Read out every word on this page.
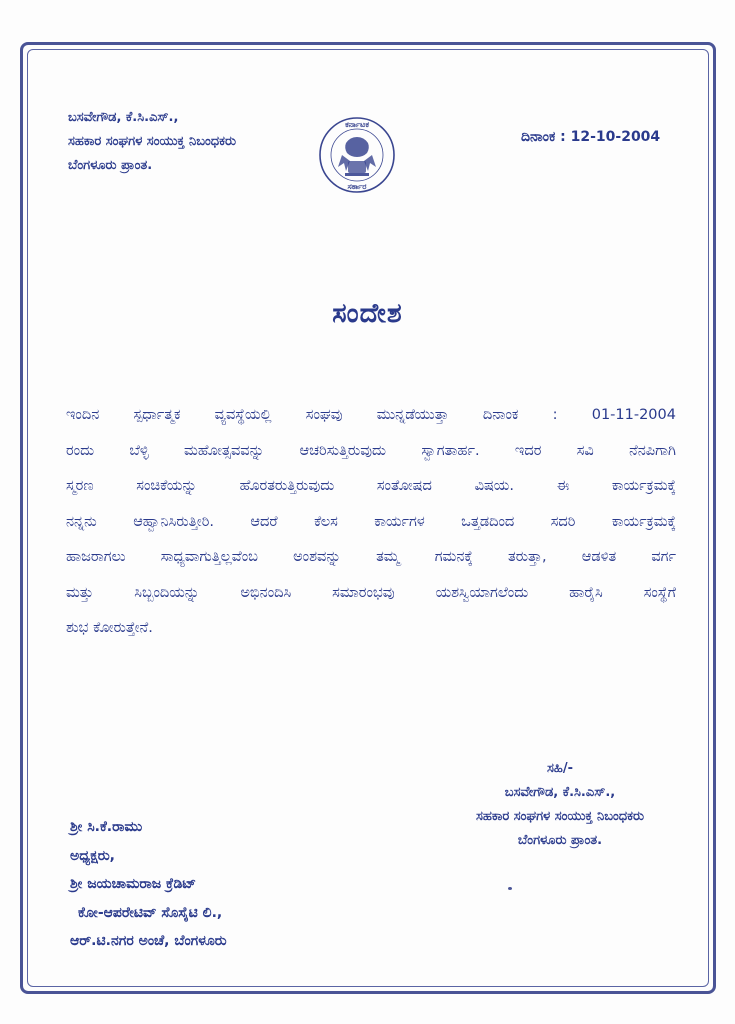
ಬಸವೇಗೌಡ, ಕೆ.ಸಿ.ಎಸ್.,
ಸಹಕಾರ ಸಂಘಗಳ ಸಂಯುಕ್ತ ನಿಬಂಧಕರು
ಬೆಂಗಳೂರು ಪ್ರಾಂತ.
ಕರ್ನಾಟಕ
ಸರ್ಕಾರ
ದಿನಾಂಕ : 12-10-2004
ಸಂದೇಶ
ಇಂದಿನ ಸ್ಪರ್ಧಾತ್ಮಕ ವ್ಯವಸ್ಥೆಯಲ್ಲಿ ಸಂಘವು ಮುನ್ನಡೆಯುತ್ತಾ ದಿನಾಂಕ : 01-11-2004
ರಂದು ಬೆಳ್ಳಿ ಮಹೋತ್ಸವವನ್ನು ಆಚರಿಸುತ್ತಿರುವುದು ಸ್ವಾಗತಾರ್ಹ. ಇದರ ಸವಿ ನೆನಪಿಗಾಗಿ
ಸ್ಮರಣ ಸಂಚಿಕೆಯನ್ನು ಹೊರತರುತ್ತಿರುವುದು ಸಂತೋಷದ ವಿಷಯ. ಈ ಕಾರ್ಯಕ್ರಮಕ್ಕೆ
ನನ್ನನು ಆಹ್ವಾನಿಸಿರುತ್ತೀರಿ. ಆದರೆ ಕೆಲಸ ಕಾರ್ಯಗಳ ಒತ್ತಡದಿಂದ ಸದರಿ ಕಾರ್ಯಕ್ರಮಕ್ಕೆ
ಹಾಜರಾಗಲು ಸಾಧ್ಯವಾಗುತ್ತಿಲ್ಲವೆಂಬ ಅಂಶವನ್ನು ತಮ್ಮ ಗಮನಕ್ಕೆ ತರುತ್ತಾ, ಆಡಳಿತ ವರ್ಗ
ಮತ್ತು ಸಿಬ್ಬಂದಿಯನ್ನು ಅಭಿನಂದಿಸಿ ಸಮಾರಂಭವು ಯಶಸ್ವಿಯಾಗಲೆಂದು ಹಾರೈಸಿ ಸಂಸ್ಥೆಗೆ
ಶುಭ ಕೋರುತ್ತೇನೆ.
ಸಹಿ/-
ಬಸವೇಗೌಡ, ಕೆ.ಸಿ.ಎಸ್.,
ಸಹಕಾರ ಸಂಘಗಳ ಸಂಯುಕ್ತ ನಿಬಂಧಕರು
ಬೆಂಗಳೂರು ಪ್ರಾಂತ.
ಶ್ರೀ ಸಿ.ಕೆ.ರಾಮು
ಅಧ್ಯಕ್ಷರು,
ಶ್ರೀ ಜಯಚಾಮರಾಜ ಕ್ರೆಡಿಟ್
ಕೋ-ಆಪರೇಟಿವ್ ಸೊಸೈಟಿ ಲಿ.,
ಆರ್.ಟಿ.ನಗರ ಅಂಚೆ, ಬೆಂಗಳೂರು
